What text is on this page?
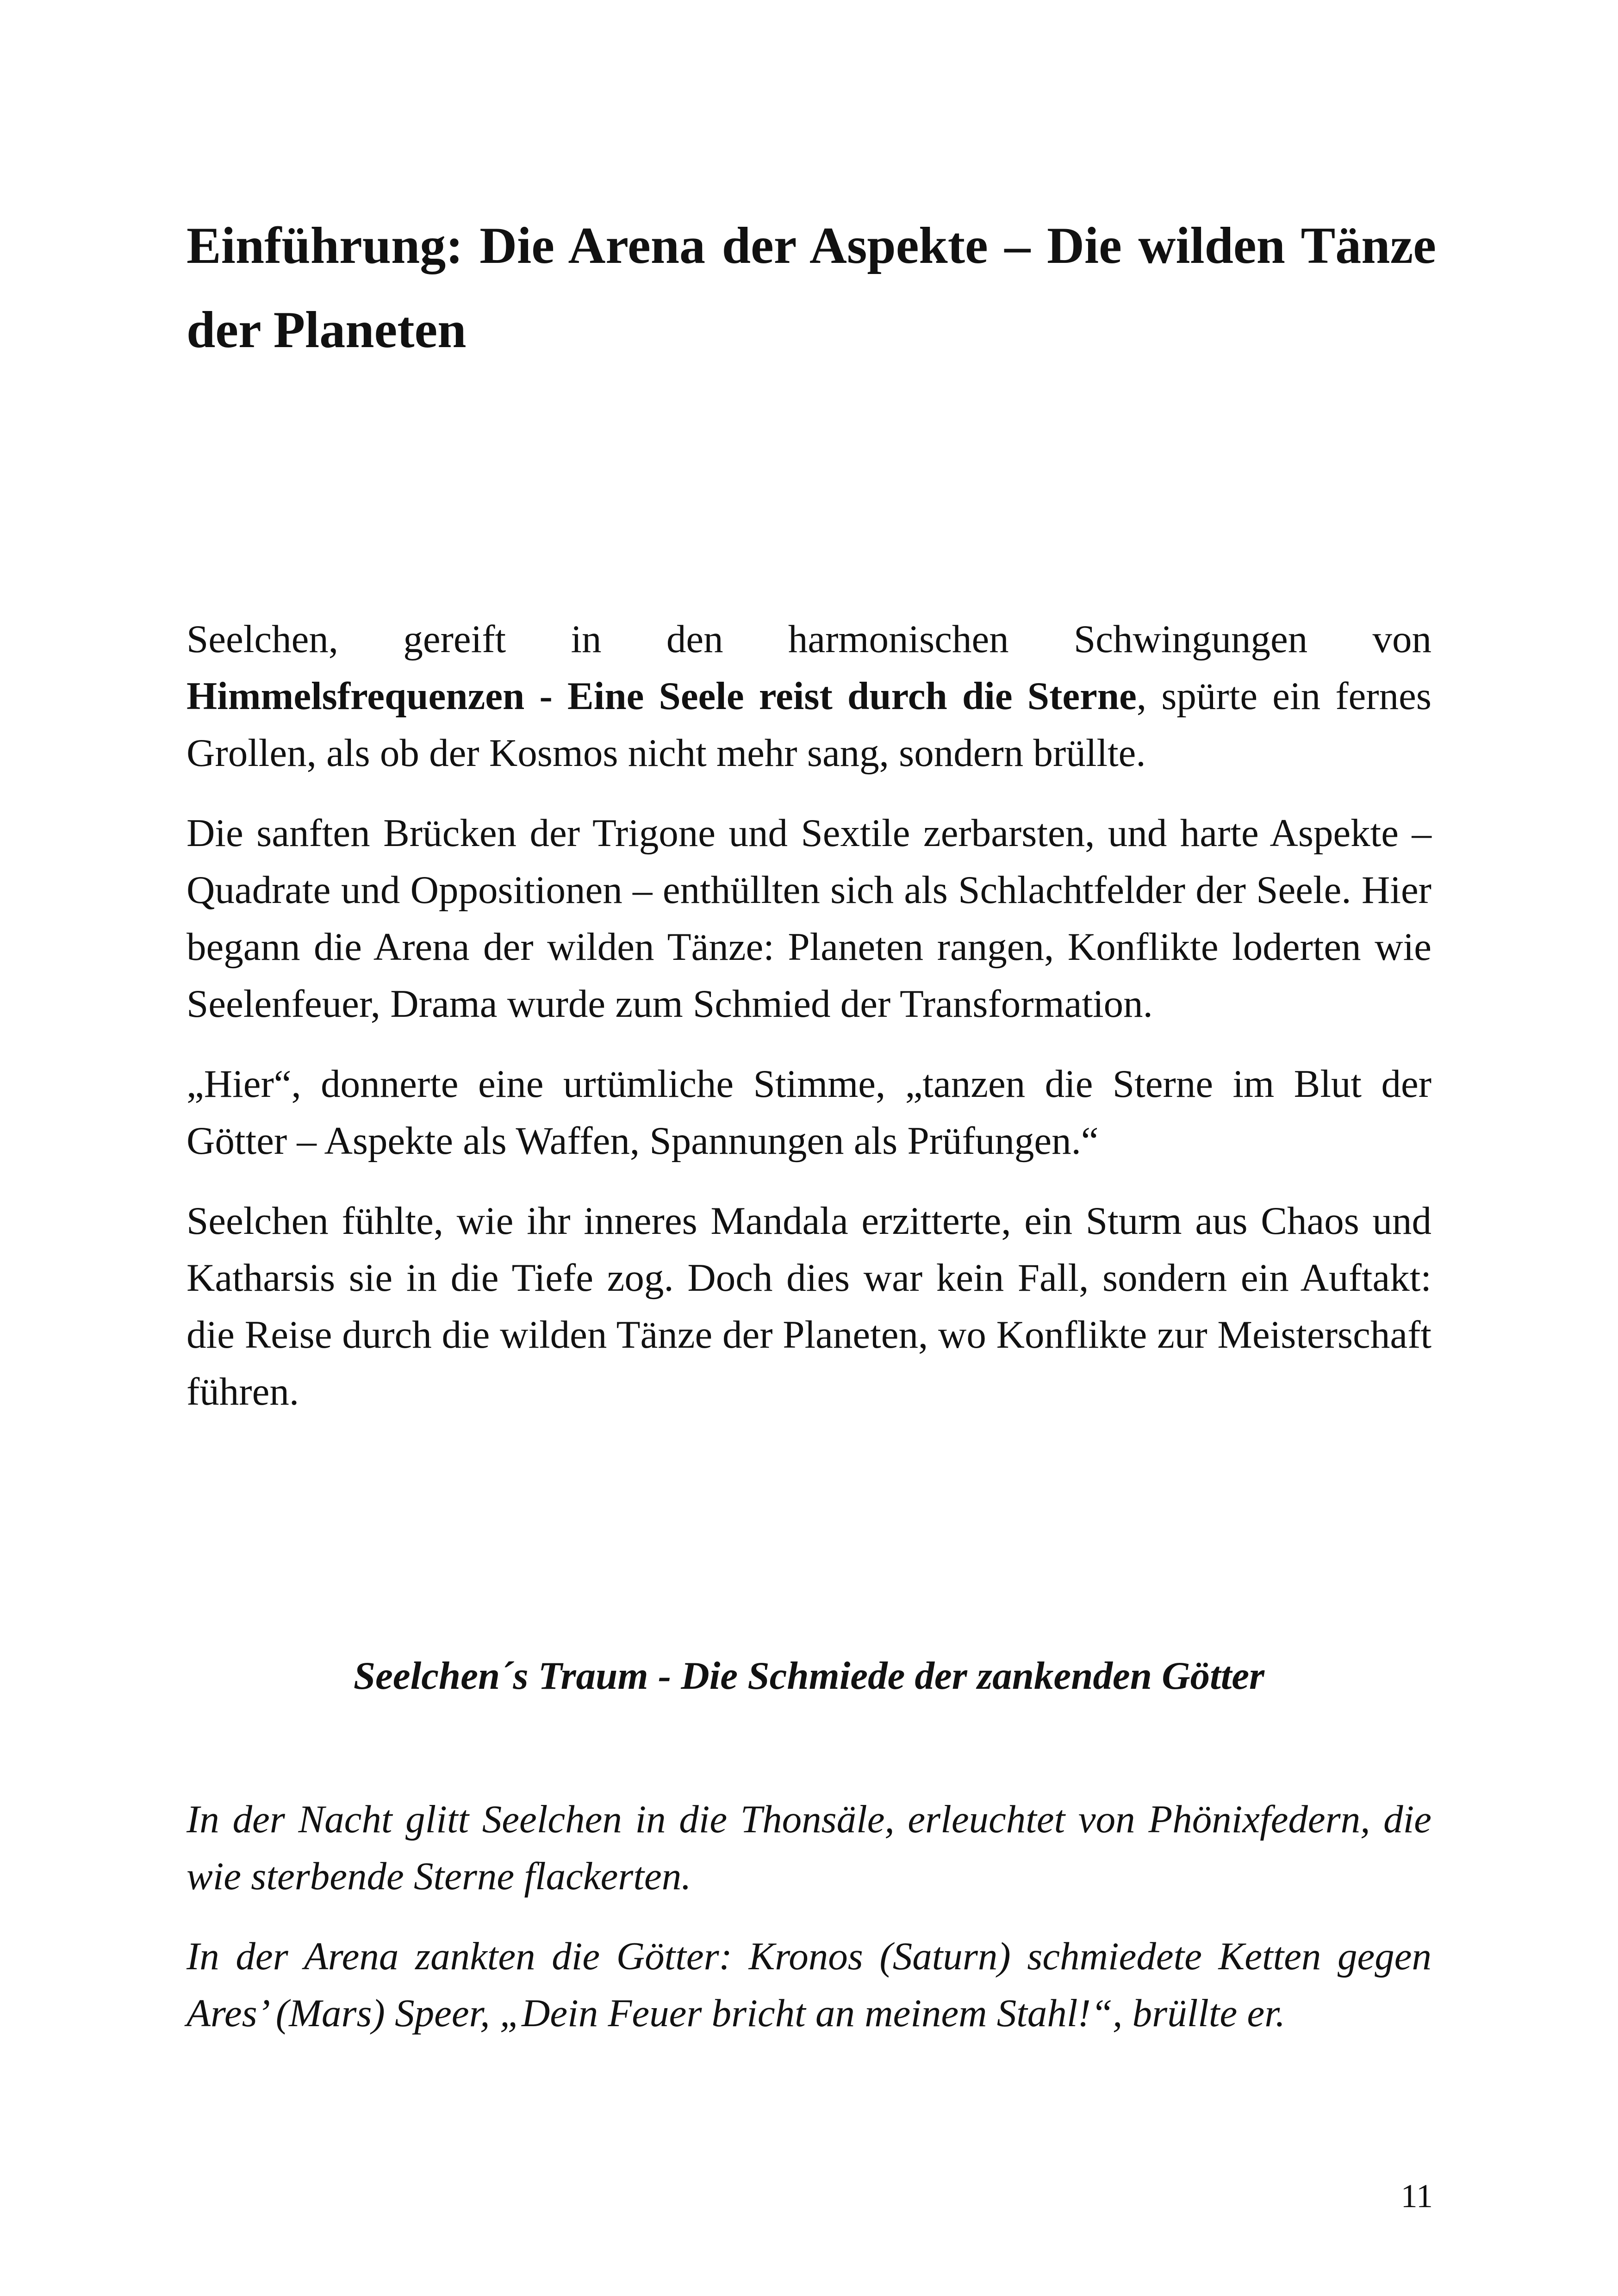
Einführung: Die Arena der Aspekte – Die wilden Tänze der Planeten

Seelchen, gereift in den harmonischen Schwingungen von Himmelsfrequenzen - Eine Seele reist durch die Sterne, spürte ein fernes Grollen, als ob der Kosmos nicht mehr sang, sondern brüllte.

Die sanften Brücken der Trigone und Sextile zerbarsten, und harte Aspekte – Quadrate und Oppositionen – enthüllten sich als Schlachtfelder der Seele. Hier begann die Arena der wilden Tänze: Planeten rangen, Konflikte loderten wie Seelenfeuer, Drama wurde zum Schmied der Transformation.

„Hier“, donnerte eine urtümliche Stimme, „tanzen die Sterne im Blut der Götter – Aspekte als Waffen, Spannungen als Prüfungen.“

Seelchen fühlte, wie ihr inneres Mandala erzitterte, ein Sturm aus Chaos und Katharsis sie in die Tiefe zog. Doch dies war kein Fall, sondern ein Auftakt: die Reise durch die wilden Tänze der Planeten, wo Konflikte zur Meisterschaft führen.

Seelchen´s Traum - Die Schmiede der zankenden Götter

In der Nacht glitt Seelchen in die Thonsäle, erleuchtet von Phönixfedern, die wie sterbende Sterne flackerten.

In der Arena zankten die Götter: Kronos (Saturn) schmiedete Ketten gegen Ares’ (Mars) Speer, „Dein Feuer bricht an meinem Stahl!“, brüllte er.

11
